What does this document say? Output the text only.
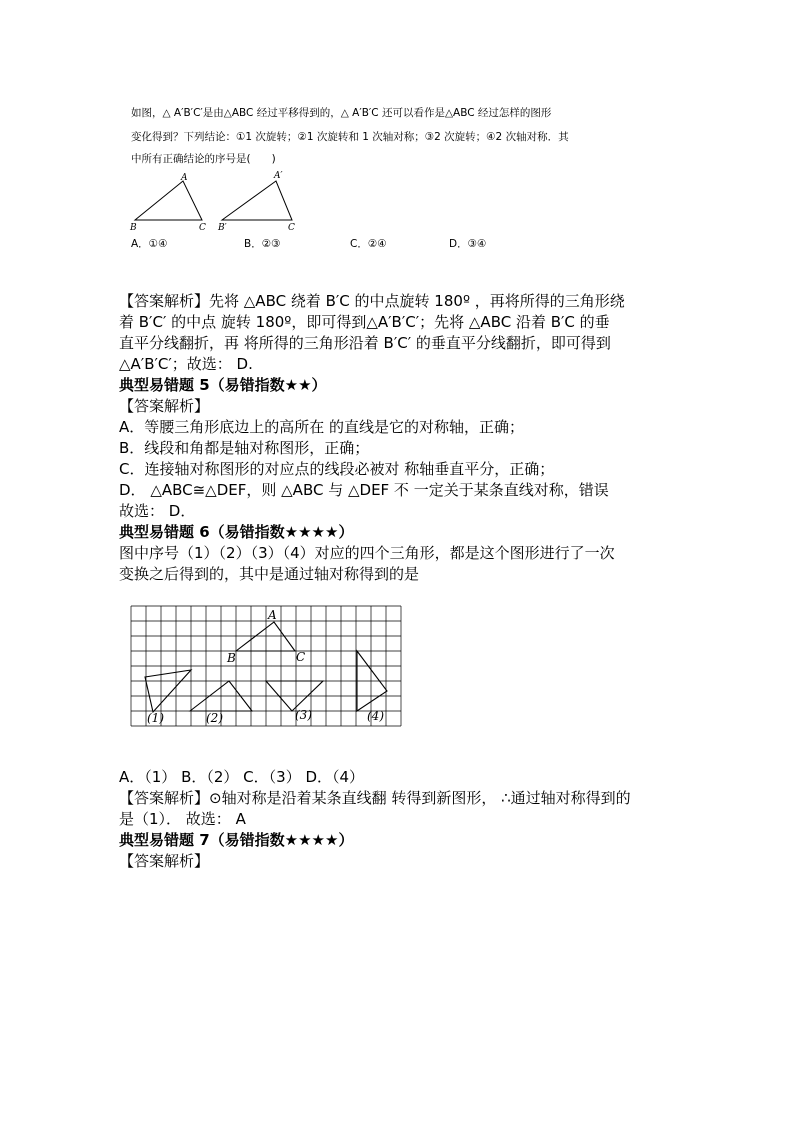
如图，△ A′B′C′是由△ABC 经过平移得到的，△ A′B′C 还可以看作是△ABC 经过怎样的图形
变化得到？下列结论：①1 次旋转；②1 次旋转和 1 次轴对称；③2 次旋转；④2 次轴对称．其
中所有正确结论的序号是(　　)
A
B	C
A′
B′	C
A．①④	B．②③	C．②④	D．③④
【答案解析】先将 △ABC 绕着 B′C 的中点旋转 180º ，再将所得的三角形绕
着 B′C′ 的中点 旋转 180º，即可得到△A′B′C′；先将 △ABC 沿着 B′C 的垂
直平分线翻折，再 将所得的三角形沿着 B′C′ 的垂直平分线翻折，即可得到
△A′B′C′；故选： D.
典型易错题 5（易错指数★★）
【答案解析】
A．等腰三角形底边上的高所在 的直线是它的对称轴，正确；
B．线段和角都是轴对称图形，正确；
C．连接轴对称图形的对应点的线段必被对 称轴垂直平分，正确；
D． △ABC≅△DEF，则 △ABC 与 △DEF 不 一定关于某条直线对称，错误
故选： D．
典型易错题 6（易错指数★★★★）
图中序号（1）（2）（3）（4）对应的四个三角形，都是这个图形进行了一次
变换之后得到的，其中是通过轴对称得到的是
A
B	C
(1)	(2)	(3)	(4)
A．（1） B．（2） C．（3） D．（4）
【答案解析】⊙轴对称是沿着某条直线翻 转得到新图形， ∴通过轴对称得到的
是（1）． 故选： A
典型易错题 7（易错指数★★★★）
【答案解析】
